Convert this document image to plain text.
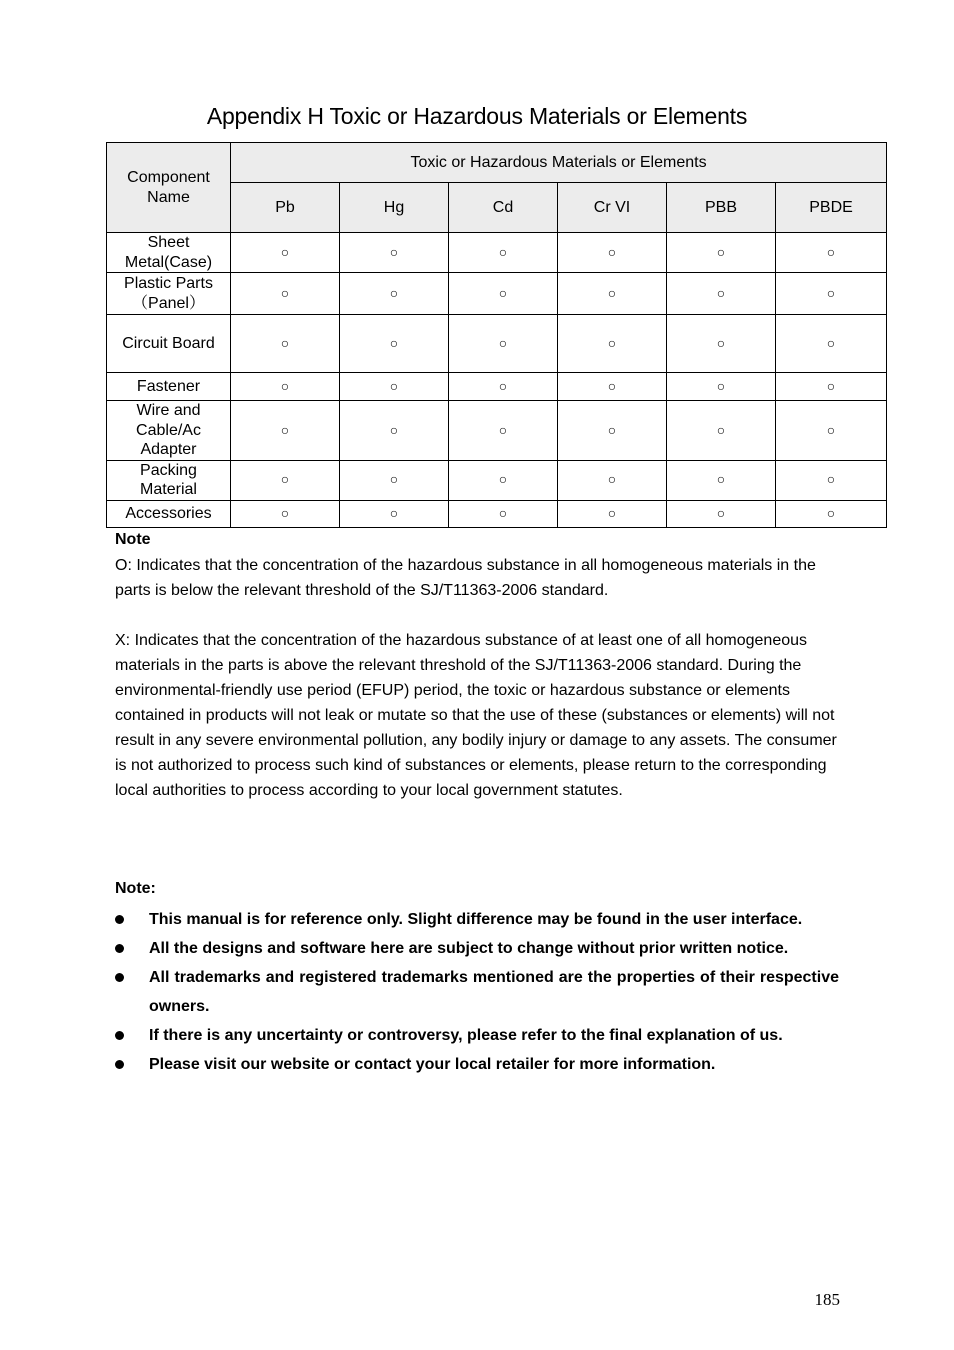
Appendix H Toxic or Hazardous Materials or Elements
Component Name	Toxic or Hazardous Materials or Elements					
	Pb	Hg	Cd	Cr VI	PBB	PBDE
Sheet Metal(Case)	○	○	○	○	○	○
Plastic Parts （Panel）	○	○	○	○	○	○
Circuit Board	○	○	○	○	○	○
Fastener	○	○	○	○	○	○
Wire and Cable/Ac Adapter	○	○	○	○	○	○
Packing Material	○	○	○	○	○	○
Accessories	○	○	○	○	○	○
Note

O: Indicates that the concentration of the hazardous substance in all homogeneous materials in the parts is below the relevant threshold of the SJ/T11363-2006 standard.

X: Indicates that the concentration of the hazardous substance of at least one of all homogeneous materials in the parts is above the relevant threshold of the SJ/T11363-2006 standard. During the environmental-friendly use period (EFUP) period, the toxic or hazardous substance or elements contained in products will not leak or mutate so that the use of these (substances or elements) will not result in any severe environmental pollution, any bodily injury or damage to any assets. The consumer is not authorized to process such kind of substances or elements, please return to the corresponding local authorities to process according to your local government statutes.

Note:
This manual is for reference only. Slight difference may be found in the user interface.
All the designs and software here are subject to change without prior written notice.
All trademarks and registered trademarks mentioned are the properties of their respective owners.
If there is any uncertainty or controversy, please refer to the final explanation of us.
Please visit our website or contact your local retailer for more information.
185
